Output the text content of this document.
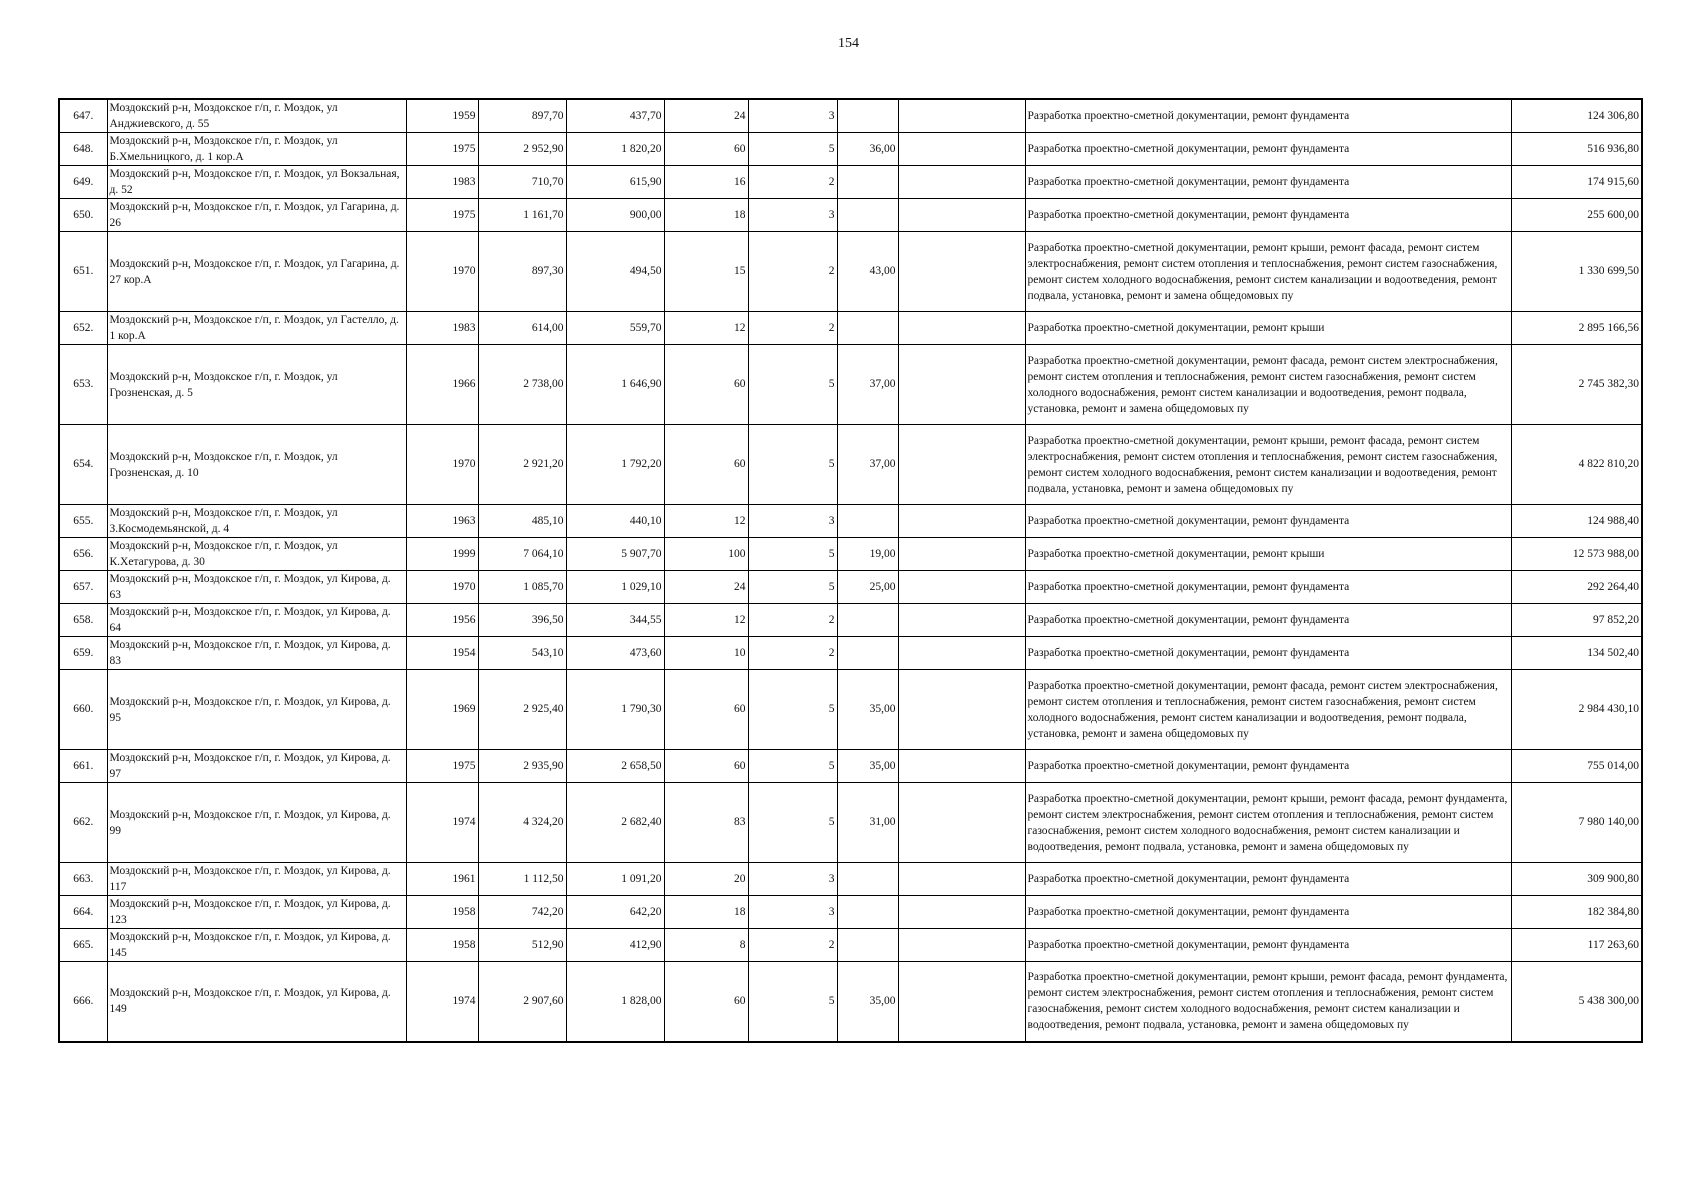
154
647.	Моздокский р-н, Моздокское г/п, г. Моздок, ул Анджиевского, д. 55	1959	897,70	437,70	24	3			Разработка проектно-сметной документации, ремонт фундамента	124 306,80
648.	Моздокский р-н, Моздокское г/п, г. Моздок, ул Б.Хмельницкого, д. 1 кор.А	1975	2 952,90	1 820,20	60	5	36,00		Разработка проектно-сметной документации, ремонт фундамента	516 936,80
649.	Моздокский р-н, Моздокское г/п, г. Моздок, ул Вокзальная, д. 52	1983	710,70	615,90	16	2			Разработка проектно-сметной документации, ремонт фундамента	174 915,60
650.	Моздокский р-н, Моздокское г/п, г. Моздок, ул Гагарина, д. 26	1975	1 161,70	900,00	18	3			Разработка проектно-сметной документации, ремонт фундамента	255 600,00
651.	Моздокский р-н, Моздокское г/п, г. Моздок, ул Гагарина, д. 27 кор.А	1970	897,30	494,50	15	2	43,00		Разработка проектно-сметной документации, ремонт крыши, ремонт фасада, ремонт систем электроснабжения, ремонт систем отопления и теплоснабжения, ремонт систем газоснабжения, ремонт систем холодного водоснабжения, ремонт систем канализации и водоотведения, ремонт подвала, установка, ремонт и замена общедомовых пу	1 330 699,50
652.	Моздокский р-н, Моздокское г/п, г. Моздок, ул Гастелло, д. 1 кор.А	1983	614,00	559,70	12	2			Разработка проектно-сметной документации, ремонт крыши	2 895 166,56
653.	Моздокский р-н, Моздокское г/п, г. Моздок, ул Грозненская, д. 5	1966	2 738,00	1 646,90	60	5	37,00		Разработка проектно-сметной документации, ремонт фасада, ремонт систем электроснабжения, ремонт систем отопления и теплоснабжения, ремонт систем газоснабжения, ремонт систем холодного водоснабжения, ремонт систем канализации и водоотведения, ремонт подвала, установка, ремонт и замена общедомовых пу	2 745 382,30
654.	Моздокский р-н, Моздокское г/п, г. Моздок, ул Грозненская, д. 10	1970	2 921,20	1 792,20	60	5	37,00		Разработка проектно-сметной документации, ремонт крыши, ремонт фасада, ремонт систем электроснабжения, ремонт систем отопления и теплоснабжения, ремонт систем газоснабжения, ремонт систем холодного водоснабжения, ремонт систем канализации и водоотведения, ремонт подвала, установка, ремонт и замена общедомовых пу	4 822 810,20
655.	Моздокский р-н, Моздокское г/п, г. Моздок, ул З.Космодемьянской, д. 4	1963	485,10	440,10	12	3			Разработка проектно-сметной документации, ремонт фундамента	124 988,40
656.	Моздокский р-н, Моздокское г/п, г. Моздок, ул К.Хетагурова, д. 30	1999	7 064,10	5 907,70	100	5	19,00		Разработка проектно-сметной документации, ремонт крыши	12 573 988,00
657.	Моздокский р-н, Моздокское г/п, г. Моздок, ул Кирова, д. 63	1970	1 085,70	1 029,10	24	5	25,00		Разработка проектно-сметной документации, ремонт фундамента	292 264,40
658.	Моздокский р-н, Моздокское г/п, г. Моздок, ул Кирова, д. 64	1956	396,50	344,55	12	2			Разработка проектно-сметной документации, ремонт фундамента	97 852,20
659.	Моздокский р-н, Моздокское г/п, г. Моздок, ул Кирова, д. 83	1954	543,10	473,60	10	2			Разработка проектно-сметной документации, ремонт фундамента	134 502,40
660.	Моздокский р-н, Моздокское г/п, г. Моздок, ул Кирова, д. 95	1969	2 925,40	1 790,30	60	5	35,00		Разработка проектно-сметной документации, ремонт фасада, ремонт систем электроснабжения, ремонт систем отопления и теплоснабжения, ремонт систем газоснабжения, ремонт систем холодного водоснабжения, ремонт систем канализации и водоотведения, ремонт подвала, установка, ремонт и замена общедомовых пу	2 984 430,10
661.	Моздокский р-н, Моздокское г/п, г. Моздок, ул Кирова, д. 97	1975	2 935,90	2 658,50	60	5	35,00		Разработка проектно-сметной документации, ремонт фундамента	755 014,00
662.	Моздокский р-н, Моздокское г/п, г. Моздок, ул Кирова, д. 99	1974	4 324,20	2 682,40	83	5	31,00		Разработка проектно-сметной документации, ремонт крыши, ремонт фасада, ремонт фундамента, ремонт систем электроснабжения, ремонт систем отопления и теплоснабжения, ремонт систем газоснабжения, ремонт систем холодного водоснабжения, ремонт систем канализации и водоотведения, ремонт подвала, установка, ремонт и замена общедомовых пу	7 980 140,00
663.	Моздокский р-н, Моздокское г/п, г. Моздок, ул Кирова, д. 117	1961	1 112,50	1 091,20	20	3			Разработка проектно-сметной документации, ремонт фундамента	309 900,80
664.	Моздокский р-н, Моздокское г/п, г. Моздок, ул Кирова, д. 123	1958	742,20	642,20	18	3			Разработка проектно-сметной документации, ремонт фундамента	182 384,80
665.	Моздокский р-н, Моздокское г/п, г. Моздок, ул Кирова, д. 145	1958	512,90	412,90	8	2			Разработка проектно-сметной документации, ремонт фундамента	117 263,60
666.	Моздокский р-н, Моздокское г/п, г. Моздок, ул Кирова, д. 149	1974	2 907,60	1 828,00	60	5	35,00		Разработка проектно-сметной документации, ремонт крыши, ремонт фасада, ремонт фундамента, ремонт систем электроснабжения, ремонт систем отопления и теплоснабжения, ремонт систем газоснабжения, ремонт систем холодного водоснабжения, ремонт систем канализации и водоотведения, ремонт подвала, установка, ремонт и замена общедомовых пу	5 438 300,00
